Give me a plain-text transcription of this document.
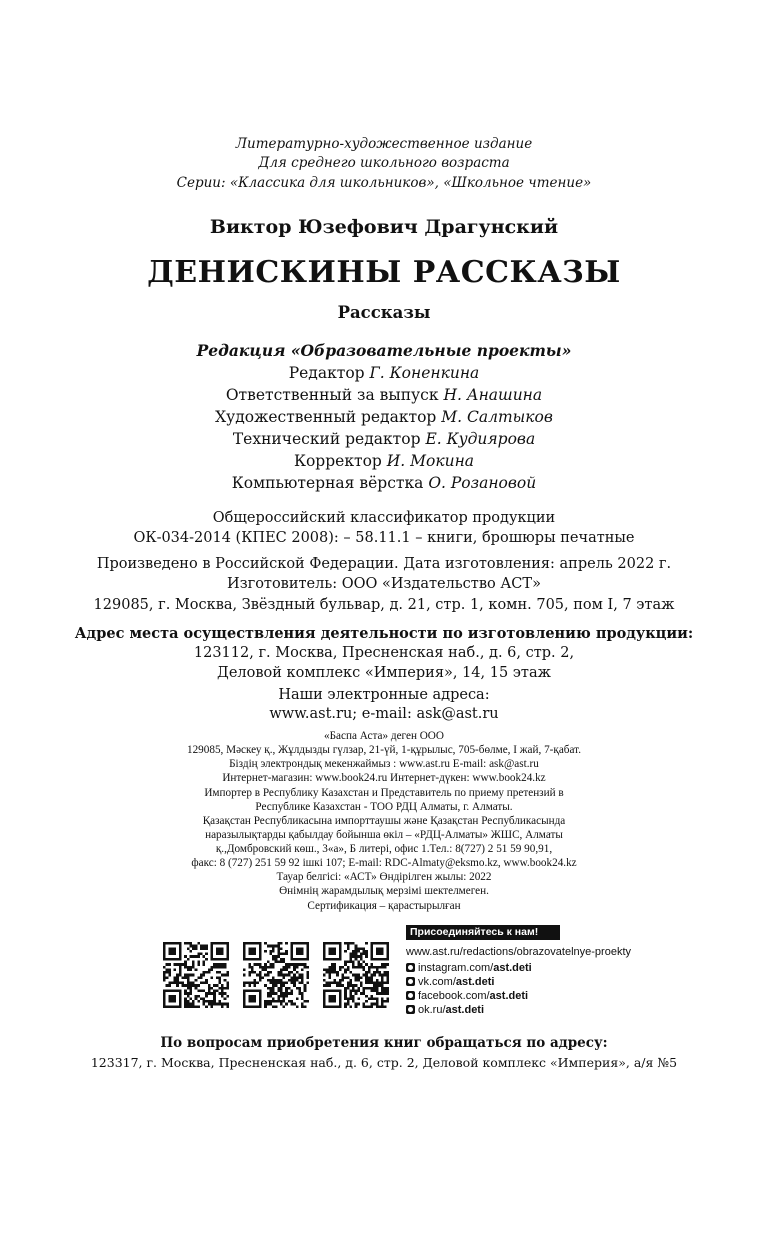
Литературно-художественное издание
Для среднего школьного возраста
Серии: «Классика для школьников», «Школьное чтение»
Виктор Юзефович Драгунский
ДЕНИСКИНЫ РАССКАЗЫ
Рассказы
Редакция «Образовательные проекты»
Редактор Г. Коненкина
Ответственный за выпуск Н. Анашина
Художественный редактор М. Салтыков
Технический редактор Е. Кудиярова
Корректор И. Мокина
Компьютерная вёрстка О. Розановой
Общероссийский классификатор продукции
ОК-034-2014 (КПЕС 2008): – 58.11.1 – книги, брошюры печатные
Произведено в Российской Федерации. Дата изготовления: апрель 2022 г.
Изготовитель: ООО «Издательство АСТ»
129085, г. Москва, Звёздный бульвар, д. 21, стр. 1, комн. 705, пом I, 7 этаж
Адрес места осуществления деятельности по изготовлению продукции:
123112, г. Москва, Пресненская наб., д. 6, стр. 2,
Деловой комплекс «Империя», 14, 15 этаж
Наши электронные адреса:
www.ast.ru; e-mail: ask@ast.ru
«Баспа Аста» деген ООО
129085, Мәскеу қ., Жұлдызды гүлзар, 21-үй, 1-құрылыс, 705-бөлме, I жай, 7-қабат.
Біздің электрондық мекенжаймыз : www.ast.ru E-mail: ask@ast.ru
Интернет-магазин: www.book24.ru Интернет-дүкен: www.book24.kz
Импортер в Республику Казахстан и Представитель по приему претензий в
Республике Казахстан - ТОО РДЦ Алматы, г. Алматы.
Қазақстан Республикасына импорттаушы және Қазақстан Республикасында
наразылықтарды қабылдау бойынша өкіл – «РДЦ-Алматы» ЖШС, Алматы
қ.,Домбровский көш., 3«а», Б литері, офис 1.Тел.: 8(727) 2 51 59 90,91,
факс: 8 (727) 251 59 92 ішкі 107; E-mail: RDC-Almaty@eksmo.kz, www.book24.kz
Тауар белгісі: «АСТ» Өндірілген жылы: 2022
Өнімнің жарамдылық мерзімі шектелмеген.
Сертификация – қарастырылған
Присоединяйтесь к нам!
www.ast.ru/redactions/obrazovatelnye-proekty
instagram.com/ast.deti
vk.com/ast.deti
facebook.com/ast.deti
ok.ru/ast.deti
По вопросам приобретения книг обращаться по адресу:
123317, г. Москва, Пресненская наб., д. 6, стр. 2, Деловой комплекс «Империя», а/я №5
